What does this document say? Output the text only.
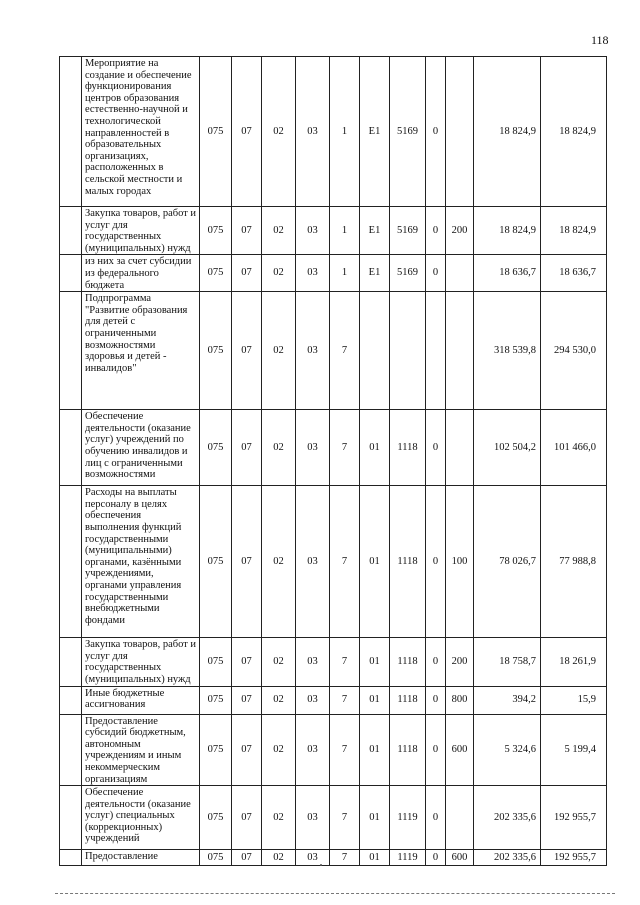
118
	Мероприятие на создание и обеспечение функционирования центров образования естественно-научной и технологической направленностей в образовательных организациях, расположенных в сельской местности и малых городах	075	07	02	03	1	E1	5169	0		18 824,9	18 824,9
	Закупка товаров, работ и услуг для государственных (муниципальных) нужд	075	07	02	03	1	E1	5169	0	200	18 824,9	18 824,9
	из них за счет субсидии из федерального бюджета	075	07	02	03	1	E1	5169	0		18 636,7	18 636,7
	Подпрограмма "Развитие образования для детей с ограниченными возможностями здоровья и детей - инвалидов"	075	07	02	03	7					318 539,8	294 530,0
	Обеспечение деятельности (оказание услуг) учреждений по обучению инвалидов и лиц с ограниченными возможностями	075	07	02	03	7	01	1118	0		102 504,2	101 466,0
	Расходы на выплаты персоналу в целях обеспечения выполнения функций государственными (муниципальными) органами, казёнными учреждениями, органами управления государственными внебюджетными фондами	075	07	02	03	7	01	1118	0	100	78 026,7	77 988,8
	Закупка товаров, работ и услуг для государственных (муниципальных) нужд	075	07	02	03	7	01	1118	0	200	18 758,7	18 261,9
	Иные бюджетные ассигнования	075	07	02	03	7	01	1118	0	800	394,2	15,9
	Предоставление субсидий бюджетным, автономным учреждениям и иным некоммерческим организациям	075	07	02	03	7	01	1118	0	600	5 324,6	5 199,4
	Обеспечение деятельности (оказание услуг) специальных (коррекционных) учреждений	075	07	02	03	7	01	1119	0		202 335,6	192 955,7
	Предоставление	075	07	02	03	7	01	1119	0	600	202 335,6	192 955,7
